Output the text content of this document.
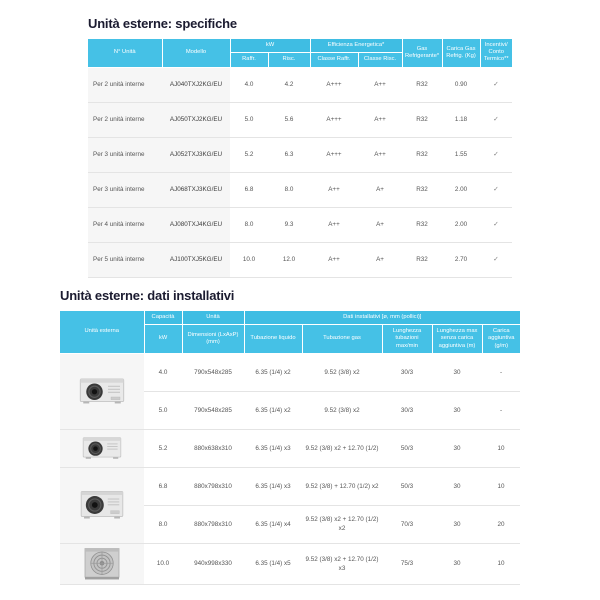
Unità esterne: specifiche
N° Unità	Modello	kW		Efficienza Energetica*		Gas Refrigerante*	Carica Gas Refrig. (Kg)	Incentivi/ Conto Termico**
		Raffr.	Risc.	Classe Raffr.	Classe Risc.			
Per 2 unità interne	AJ040TXJ2KG/EU	4.0	4.2	A+++	A++	R32	0.90	✓
Per 2 unità interne	AJ050TXJ2KG/EU	5.0	5.6	A+++	A++	R32	1.18	✓
Per 3 unità interne	AJ052TXJ3KG/EU	5.2	6.3	A+++	A++	R32	1.55	✓
Per 3 unità interne	AJ068TXJ3KG/EU	6.8	8.0	A++	A+	R32	2.00	✓
Per 4 unità interne	AJ080TXJ4KG/EU	8.0	9.3	A++	A+	R32	2.00	✓
Per 5 unità interne	AJ100TXJ5KG/EU	10.0	12.0	A++	A+	R32	2.70	✓
Unità esterne: dati installativi
Unità esterna	Capacità	Unità	Dati installativi [ø, mm (pollici)]				
	kW	Dimensioni (LxAxP) (mm)	Tubazione liquido	Tubazione gas	Lunghezza tubazioni max/min	Lunghezza max senza carica aggiuntiva (m)	Carica aggiuntiva (g/m)

	4.0	790x548x285	6.35 (1/4) x2	9.52 (3/8) x2	30/3	30	-
	5.0	790x548x285	6.35 (1/4) x2	9.52 (3/8) x2	30/3	30	-

	5.2	880x638x310	6.35 (1/4) x3	9.52 (3/8) x2 + 12.70 (1/2)	50/3	30	10

	6.8	880x798x310	6.35 (1/4) x3	9.52 (3/8) + 12.70 (1/2) x2	50/3	30	10
	8.0	880x798x310	6.35 (1/4) x4	9.52 (3/8) x2 + 12.70 (1/2) x2	70/3	30	20

	10.0	940x998x330	6.35 (1/4) x5	9.52 (3/8) x2 + 12.70 (1/2) x3	75/3	30	10
